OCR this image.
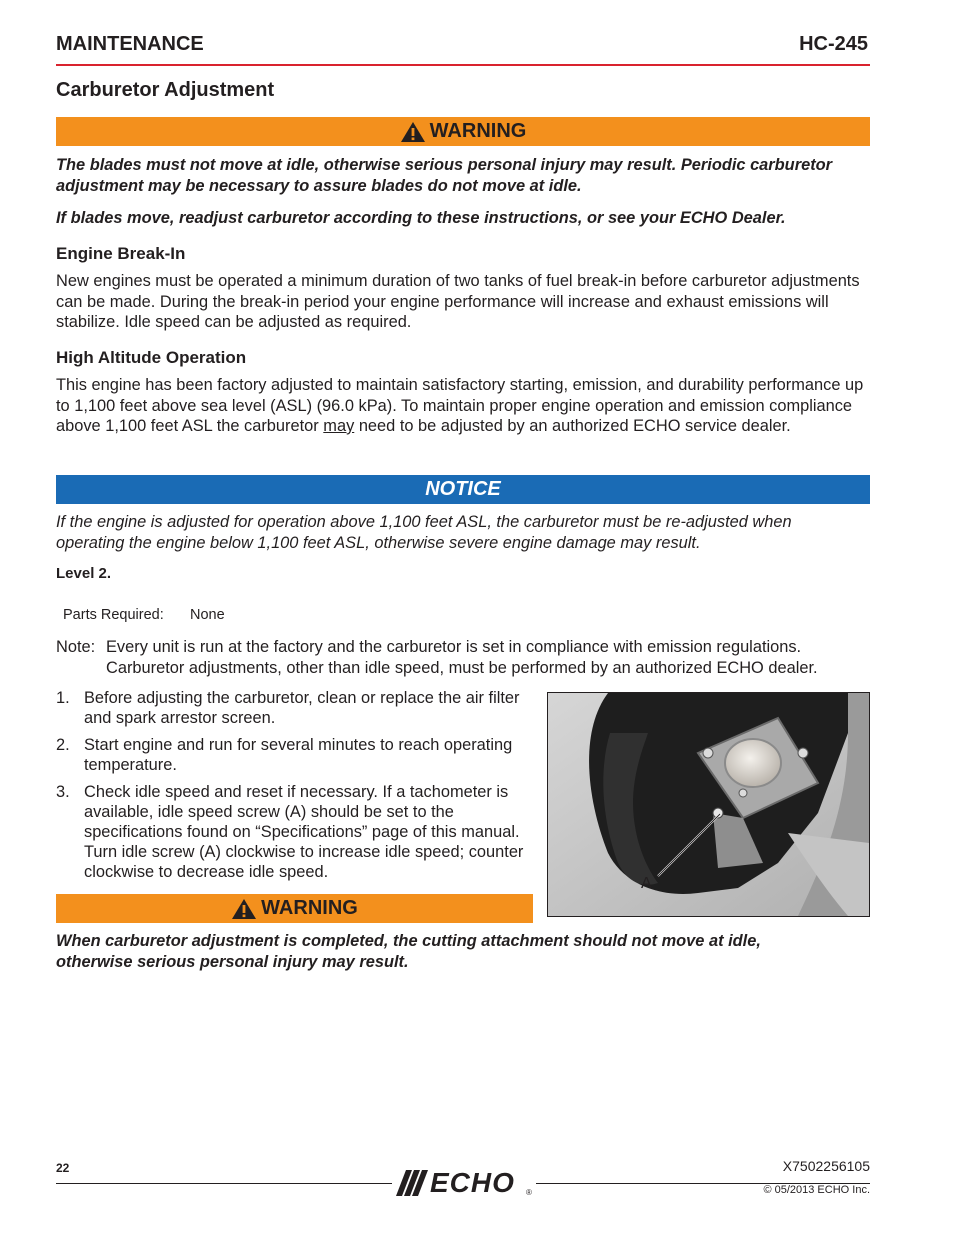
MAINTENANCE	HC-245
Carburetor Adjustment
WARNING
The blades must not move at idle, otherwise serious personal injury may result. Periodic carburetor adjustment may be necessary to assure blades do not move at idle.
If blades move, readjust carburetor according to these instructions, or see your ECHO Dealer.
Engine Break-In
New engines must be operated a minimum duration of two tanks of fuel break-in before carburetor adjustments can be made. During the break-in period your engine performance will increase and exhaust emissions will stabilize. Idle speed can be adjusted as required.
High Altitude Operation
This engine has been factory adjusted to maintain satisfactory starting, emission, and durability performance up to 1,100 feet above sea level (ASL) (96.0 kPa). To maintain proper engine operation and emission compliance above 1,100 feet ASL the carburetor may need to be adjusted by an authorized ECHO service dealer.
NOTICE
If the engine is adjusted for operation above 1,100 feet ASL, the carburetor must be re-adjusted when operating the engine below 1,100 feet ASL, otherwise severe engine damage may result.
Level 2.
Parts Required: None
Note: Every unit is run at the factory and the carburetor is set in compliance with emission regulations.
Carburetor adjustments, other than idle speed, must be performed by an authorized ECHO dealer.
1. Before adjusting the carburetor, clean or replace the air filter and spark arrestor screen.
2. Start engine and run for several minutes to reach operating temperature.
3. Check idle speed and reset if necessary. If a tachometer is available, idle speed screw (A) should be set to the specifications found on “Specifications” page of this manual. Turn idle screw (A) clockwise to increase idle speed; counter clockwise to decrease idle speed.
A
WARNING
When carburetor adjustment is completed, the cutting attachment should not move at idle, otherwise serious personal injury may result.
22	X7502256105
ECHO ®	© 05/2013 ECHO Inc.
